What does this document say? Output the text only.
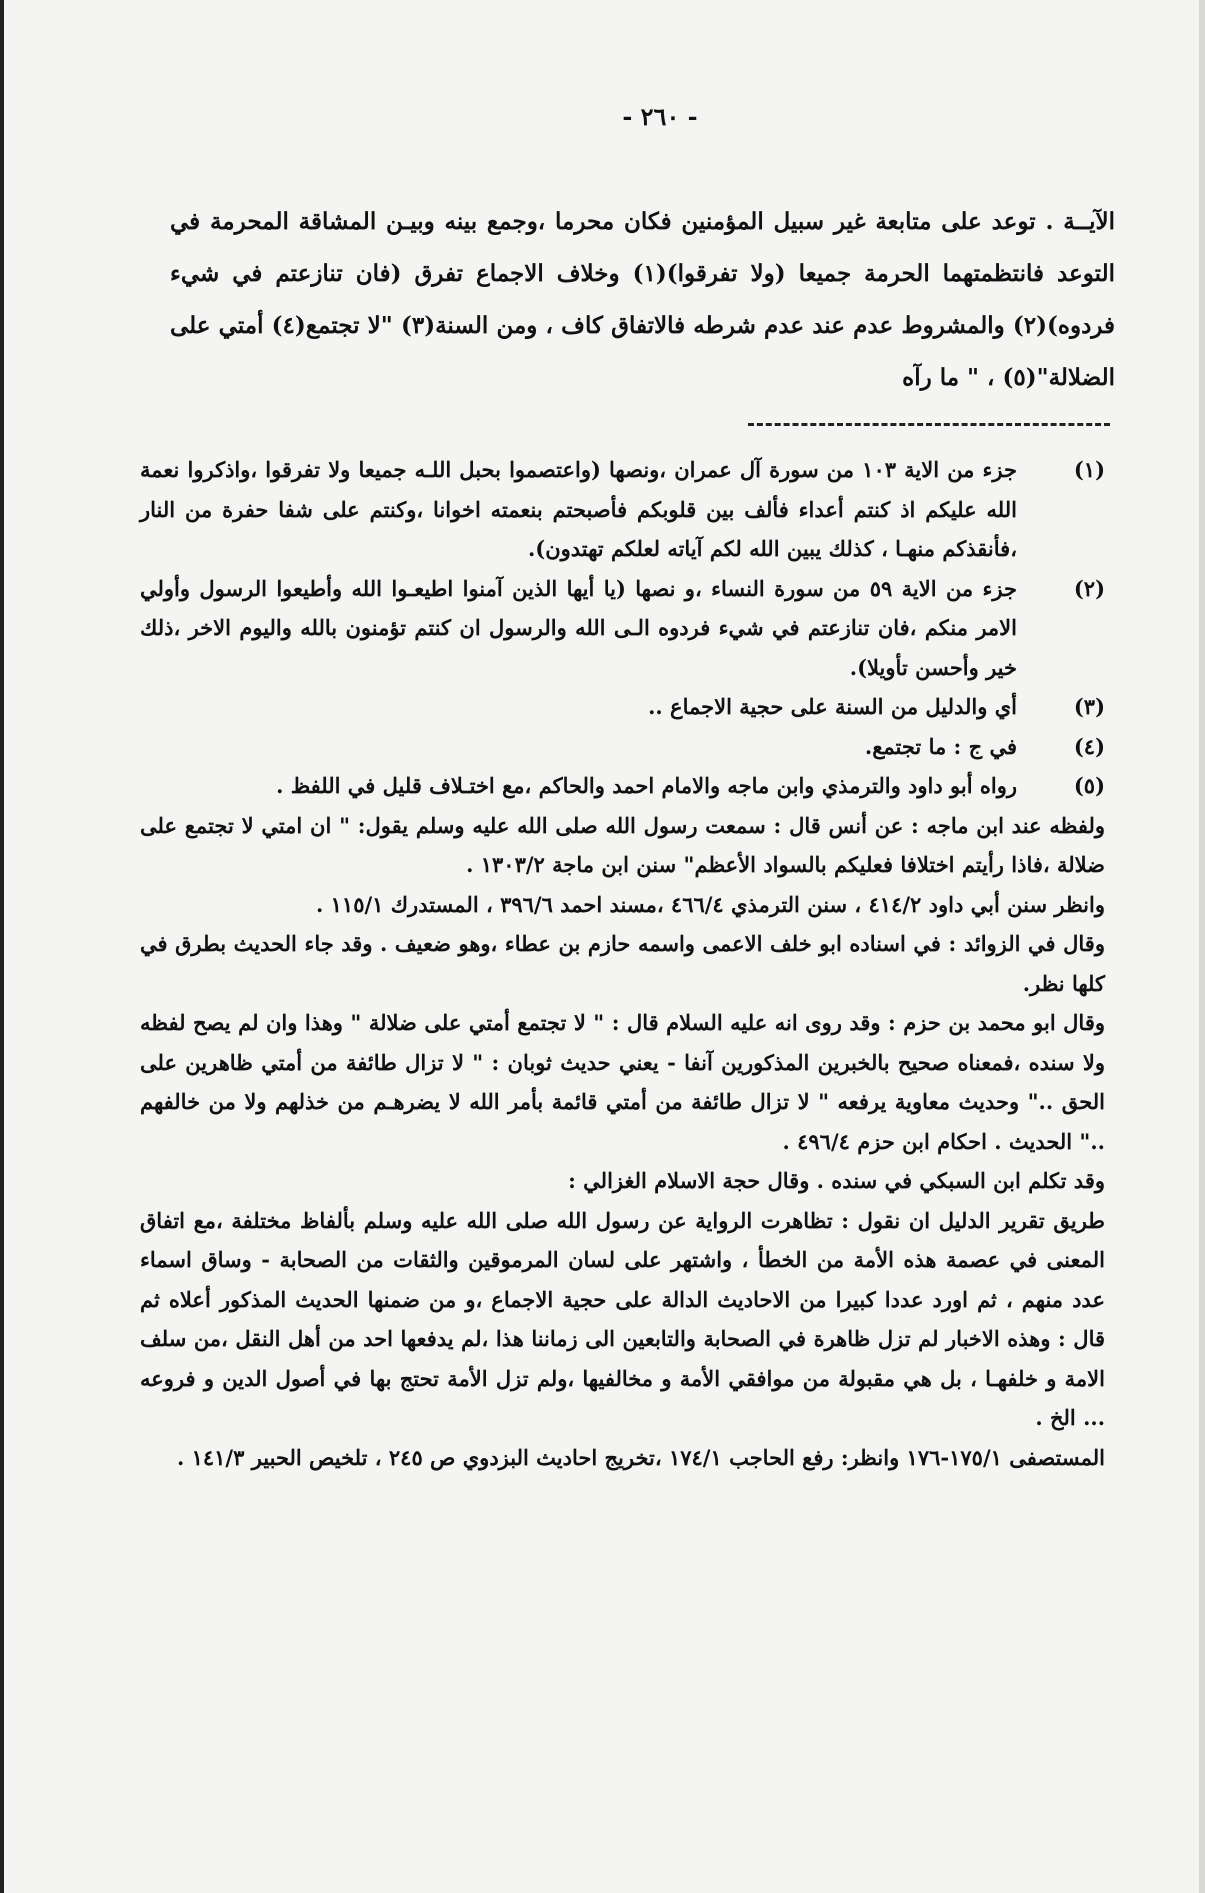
- ٢٦٠ -

الآيــة . توعد على متابعة غير سبيل المؤمنين فكان محرما ،وجمع بينه وبيـن المشاقة المحرمة في التوعد فانتظمتهما الحرمة جميعا (ولا تفرقوا)(١) وخلاف الاجماع تفرق (فان تنازعتم في شيء فردوه)(٢) والمشروط عدم عند عدم شرطه فالاتفاق كاف ، ومن السنة(٣) "لا تجتمع(٤) أمتي على الضلالة"(٥) ، " ما رآه

(١)
جزء من الاية ١٠٣ من سورة آل عمران ،ونصها (واعتصموا بحبل اللـه جميعا ولا تفرقوا ،واذكروا نعمة الله عليكم اذ كنتم أعداء فألف بين قلوبكم فأصبحتم بنعمته اخوانا ،وكنتم على شفا حفرة من النار ،فأنقذكم منهـا ، كذلك يبين الله لكم آياته لعلكم تهتدون).
(٢)
جزء من الاية ٥٩ من سورة النساء ،و نصها (يا أيها الذين آمنوا اطيعـوا الله وأطيعوا الرسول وأولي الامر منكم ،فان تنازعتم في شيء فردوه الـى الله والرسول ان كنتم تؤمنون بالله واليوم الاخر ،ذلك خير وأحسن تأويلا).
(٣)
أي والدليل من السنة على حجية الاجماع ..
(٤)
في ج : ما تجتمع.
(٥)
رواه أبو داود والترمذي وابن ماجه والامام احمد والحاكم ،مع اختـلاف قليل في اللفظ .

ولفظه عند ابن ماجه : عن أنس قال : سمعت رسول الله صلى الله عليه وسلم يقول: " ان امتي لا تجتمع على ضلالة ،فاذا رأيتم اختلافا فعليكم بالسواد الأعظم" سنن ابن ماجة ١٣٠٣/٢ .

وانظر سنن أبي داود ٤١٤/٢ ، سنن الترمذي ٤٦٦/٤ ،مسند احمد ٣٩٦/٦ ، المستدرك ١١٥/١ .

وقال في الزوائد : في اسناده ابو خلف الاعمى واسمه حازم بن عطاء ،وهو ضعيف . وقد جاء الحديث بطرق في كلها نظر.

وقال ابو محمد بن حزم : وقد روى انه عليه السلام قال : " لا تجتمع أمتي على ضلالة " وهذا وان لم يصح لفظه ولا سنده ،فمعناه صحيح بالخبرين المذكورين آنفا - يعني حديث ثوبان : " لا تزال طائفة من أمتي ظاهرين على الحق .." وحديث معاوية يرفعه " لا تزال طائفة من أمتي قائمة بأمر الله لا يضرهـم من خذلهم ولا من خالفهم .." الحديث . احكام ابن حزم ٤٩٦/٤ .

وقد تكلم ابن السبكي في سنده . وقال حجة الاسلام الغزالي :

طريق تقرير الدليل ان نقول : تظاهرت الرواية عن رسول الله صلى الله عليه وسلم بألفاظ مختلفة ،مع اتفاق المعنى في عصمة هذه الأمة من الخطأ ، واشتهر على لسان المرموقين والثقات من الصحابة - وساق اسماء عدد منهم ، ثم اورد عددا كبيرا من الاحاديث الدالة على حجية الاجماع ،و من ضمنها الحديث المذكور أعلاه ثم قال : وهذه الاخبار لم تزل ظاهرة في الصحابة والتابعين الى زماننا هذا ،لم يدفعها احد من أهل النقل ،من سلف الامة و خلفهـا ، بل هي مقبولة من موافقي الأمة و مخالفيها ،ولم تزل الأمة تحتج بها في أصول الدين و فروعه ... الخ .

المستصفى ١٧٥/١-١٧٦ وانظر: رفع الحاجب ١٧٤/١ ،تخريج احاديث البزدوي ص ٢٤٥ ، تلخيص الحبير ١٤١/٣ .
